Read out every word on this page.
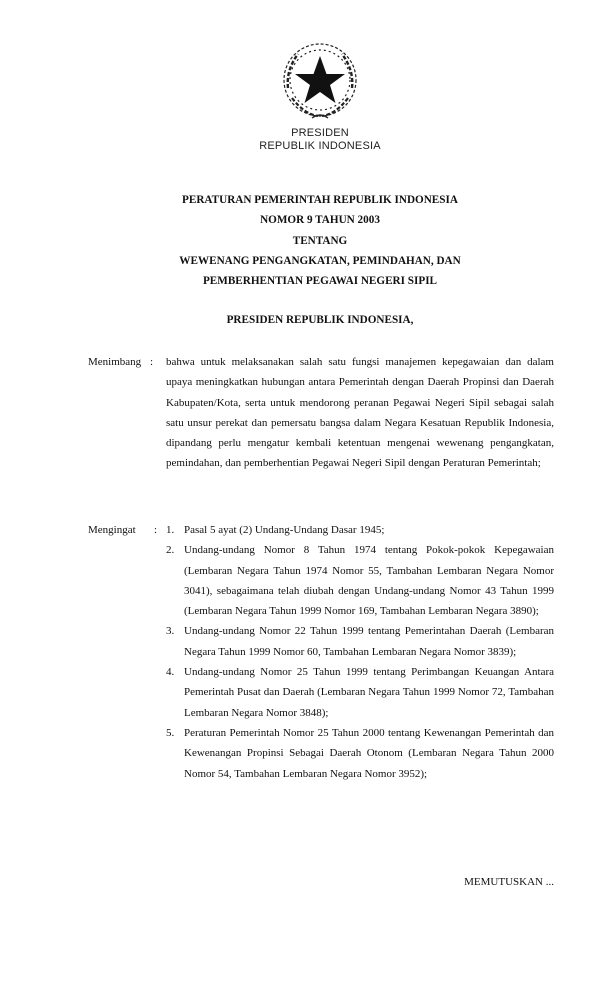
PRESIDEN
REPUBLIK INDONESIA
PERATURAN PEMERINTAH REPUBLIK INDONESIA
NOMOR 9 TAHUN 2003
TENTANG
WEWENANG PENGANGKATAN, PEMINDAHAN, DAN
PEMBERHENTIAN PEGAWAI NEGERI SIPIL
PRESIDEN REPUBLIK INDONESIA,
Menimbang : bahwa untuk melaksanakan salah satu fungsi manajemen kepegawaian dan dalam upaya meningkatkan hubungan antara Pemerintah dengan Daerah Propinsi dan Daerah Kabupaten/Kota, serta untuk mendorong peranan Pegawai Negeri Sipil sebagai salah satu unsur perekat dan pemersatu bangsa dalam Negara Kesatuan Republik Indonesia, dipandang perlu mengatur kembali ketentuan mengenai wewenang pengangkatan, pemindahan, dan pemberhentian Pegawai Negeri Sipil dengan Peraturan Pemerintah;
Mengingat	: 1. Pasal 5 ayat (2) Undang-Undang Dasar 1945;
2. Undang-undang Nomor 8 Tahun 1974 tentang Pokok-pokok Kepegawaian (Lembaran Negara Tahun 1974 Nomor 55, Tambahan Lembaran Negara Nomor 3041), sebagaimana telah diubah dengan Undang-undang Nomor 43 Tahun 1999 (Lembaran Negara Tahun 1999 Nomor 169, Tambahan Lembaran Negara 3890);
3. Undang-undang Nomor 22 Tahun 1999 tentang Pemerintahan Daerah (Lembaran Negara Tahun 1999 Nomor 60, Tambahan Lembaran Negara Nomor 3839);
4. Undang-undang Nomor 25 Tahun 1999 tentang Perimbangan Keuangan Antara Pemerintah Pusat dan Daerah (Lembaran Negara Tahun 1999 Nomor 72, Tambahan Lembaran Negara Nomor 3848);
5. Peraturan Pemerintah Nomor 25 Tahun 2000 tentang Kewenangan Pemerintah dan Kewenangan Propinsi Sebagai Daerah Otonom (Lembaran Negara Tahun 2000 Nomor 54, Tambahan Lembaran Negara Nomor 3952);
MEMUTUSKAN ...
